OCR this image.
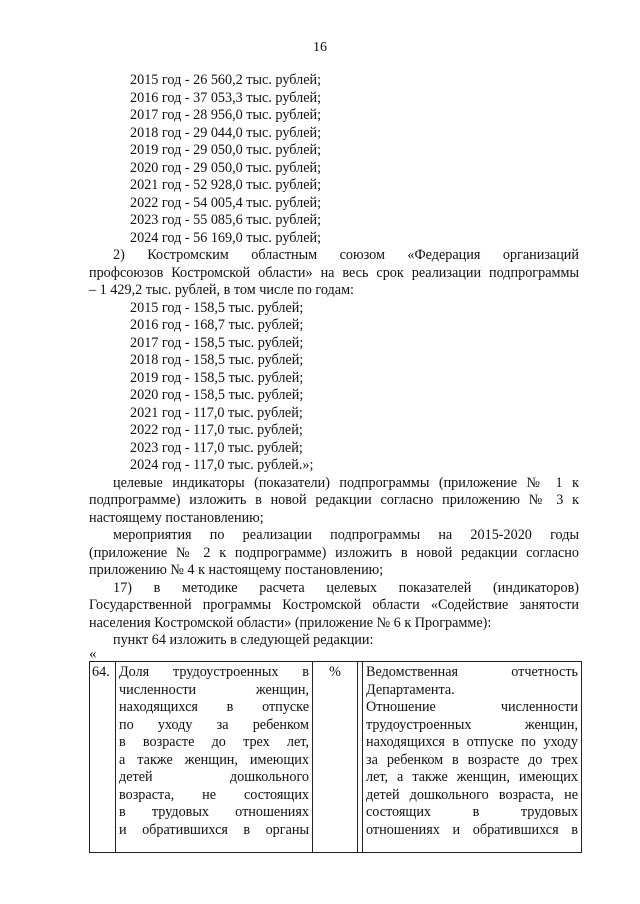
16
2015 год - 26 560,2 тыс. рублей;
2016 год - 37 053,3 тыс. рублей;
2017 год - 28 956,0 тыс. рублей;
2018 год - 29 044,0 тыс. рублей;
2019 год - 29 050,0 тыс. рублей;
2020 год - 29 050,0 тыс. рублей;
2021 год - 52 928,0 тыс. рублей;
2022 год - 54 005,4 тыс. рублей;
2023 год - 55 085,6 тыс. рублей;
2024 год - 56 169,0 тыс. рублей;
2) Костромским областным союзом «Федерация организаций
профсоюзов Костромской области» на весь срок реализации подпрограммы
– 1 429,2 тыс. рублей, в том числе по годам:
2015 год - 158,5 тыс. рублей;
2016 год - 168,7 тыс. рублей;
2017 год - 158,5 тыс. рублей;
2018 год - 158,5 тыс. рублей;
2019 год - 158,5 тыс. рублей;
2020 год - 158,5 тыс. рублей;
2021 год - 117,0 тыс. рублей;
2022 год - 117,0 тыс. рублей;
2023 год - 117,0 тыс. рублей;
2024 год - 117,0 тыс. рублей.»;
целевые индикаторы (показатели) подпрограммы (приложение № 1 к
подпрограмме) изложить в новой редакции согласно приложению № 3 к
настоящему постановлению;
мероприятия по реализации подпрограммы на 2015-2020 годы
(приложение № 2 к подпрограмме) изложить в новой редакции согласно
приложению № 4 к настоящему постановлению;
17) в методике расчета целевых показателей (индикаторов)
Государственной программы Костромской области «Содействие занятости
населения Костромской области» (приложение № 6 к Программе):
пункт 64 изложить в следующей редакции:
«
64.	Доля трудоустроенных в
численности женщин,
находящихся в отпуске
по уходу за ребенком
в возрасте до трех лет,
а также женщин, имеющих
детей дошкольного
возраста, не состоящих
в трудовых отношениях
и обратившихся в органы
	%		Ведомственная отчетность
Департамента.
Отношение численности
трудоустроенных женщин,
находящихся в отпуске по уходу
за ребенком в возрасте до трех
лет, а также женщин, имеющих
детей дошкольного возраста, не
состоящих в трудовых
отношениях и обратившихся в
